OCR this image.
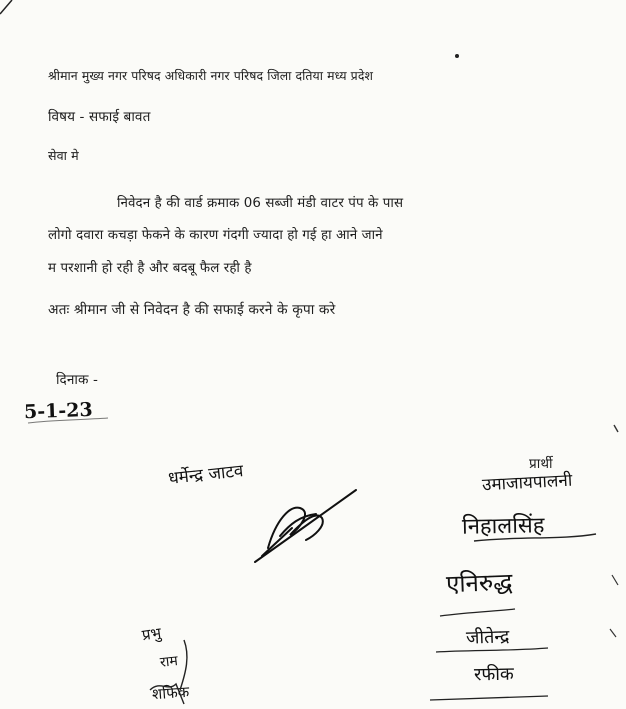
श्रीमान मुख्य नगर परिषद अधिकारी नगर परिषद जिला दतिया मध्य प्रदेश
विषय - सफाई बावत
सेवा मे
निवेदन है की वार्ड क्रमाक 06 सब्जी मंडी वाटर पंप के पास
लोगो दवारा कचड़ा फेकने के कारण गंदगी ज्यादा हो गई हा आने जाने
म परशानी हो रही है और बदबू फैल रही है
अतः श्रीमान जी से निवेदन है की सफाई करने के कृपा करे
दिनाक -
5-1-23
प्रार्थी
धर्मेन्द्र जाटव	उमाजायपालनी
निहालसिंह
एनिरुद्ध
जीतेन्द्र
रफीक
प्रभु
राम
शफिक
